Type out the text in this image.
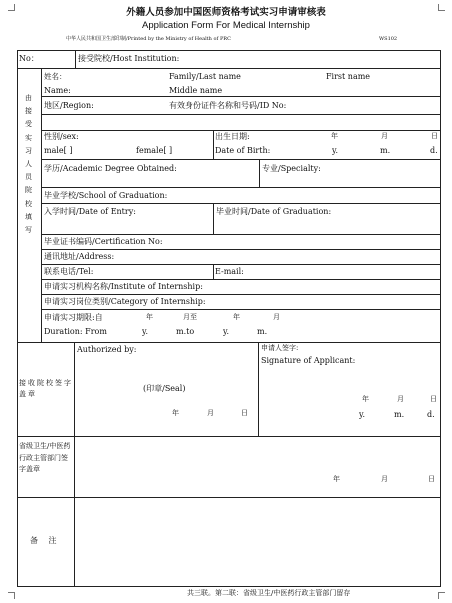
外籍人员参加中国医师资格考试实习申请审核表
Application Form For Medical Internship
中华人民共和国卫生部印制/Printed by the Ministry of Health of PRC	WS102
No：	接受院校/Host Institution:
由接受实习人员院校填写
姓名：
Name:
Family/Last name	First name
Middle name
地区/Region:	有效身份证件名称和号码/ID No:
性别/sex:
male[ ]	female[ ]
出生日期:
Date of Birth:
年	月	日
y.	m.	d.
学历/Academic Degree Obtained:	专业/Specialty:
毕业学校/School of Graduation:
入学时间/Date of Entry:	毕业时间/Date of Graduation:
毕业证书编码/Certification No:
通讯地址/Address:
联系电话/Tel:	E-mail:
申请实习机构名称/Institute of Internship:
申请实习岗位类别/Category of Internship:
申请实习期限:自	年	月至	年	月
Duration: From	y.	m.to	y.	m.
Authorized by:	申请人签字:
Signature of Applicant:
接收院校签字盖章
(印章/Seal)
年	月	日
年	月	日
y.	m.	d.
省级卫生/中医药行政主管部门签字盖章
年	月	日
备 注
共三联。第二联：省级卫生/中医药行政主管部门留存
